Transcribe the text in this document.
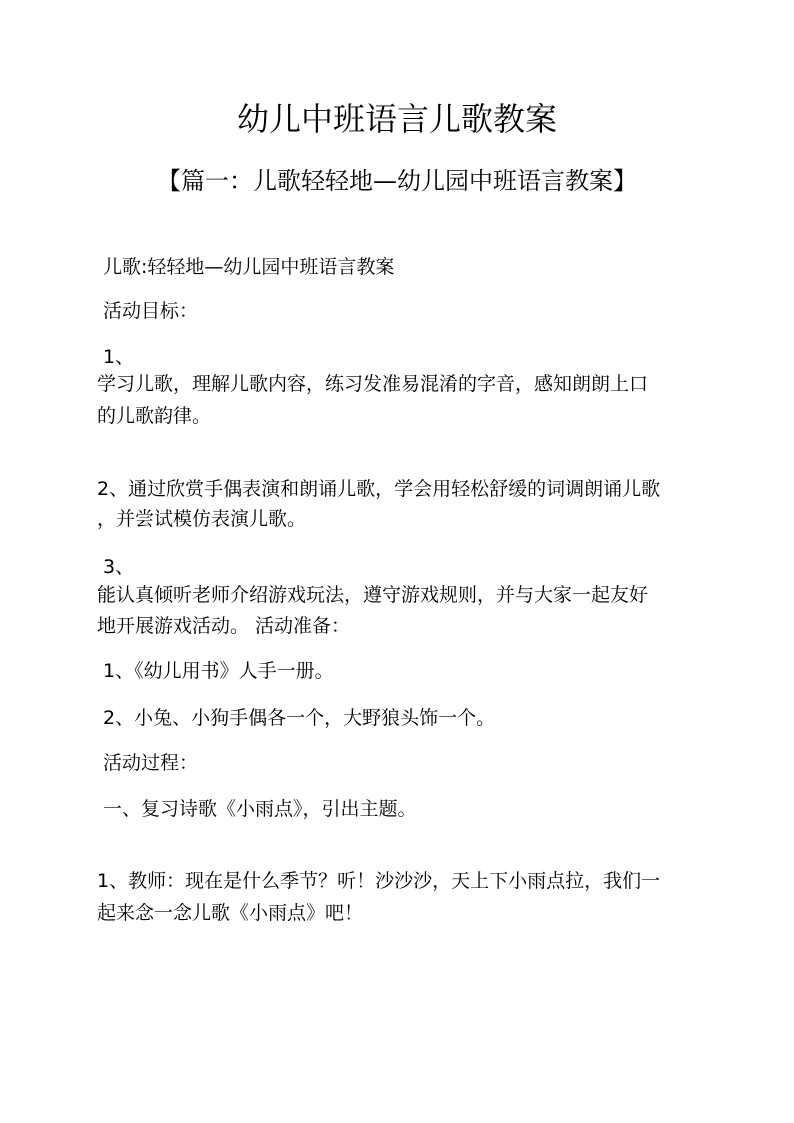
幼儿中班语言儿歌教案
【篇一：儿歌轻轻地—幼儿园中班语言教案】
儿歌:轻轻地—幼儿园中班语言教案
活动目标：
1、
学习儿歌，理解儿歌内容，练习发准易混淆的字音，感知朗朗上口
的儿歌韵律。
2、通过欣赏手偶表演和朗诵儿歌，学会用轻松舒缓的词调朗诵儿歌
，并尝试模仿表演儿歌。
3、
能认真倾听老师介绍游戏玩法，遵守游戏规则，并与大家一起友好
地开展游戏活动。 活动准备：
1、《幼儿用书》人手一册。
2、小兔、小狗手偶各一个，大野狼头饰一个。
活动过程：
一、复习诗歌《小雨点》，引出主题。
1、教师：现在是什么季节？听！沙沙沙，天上下小雨点拉，我们一
起来念一念儿歌《小雨点》吧！
